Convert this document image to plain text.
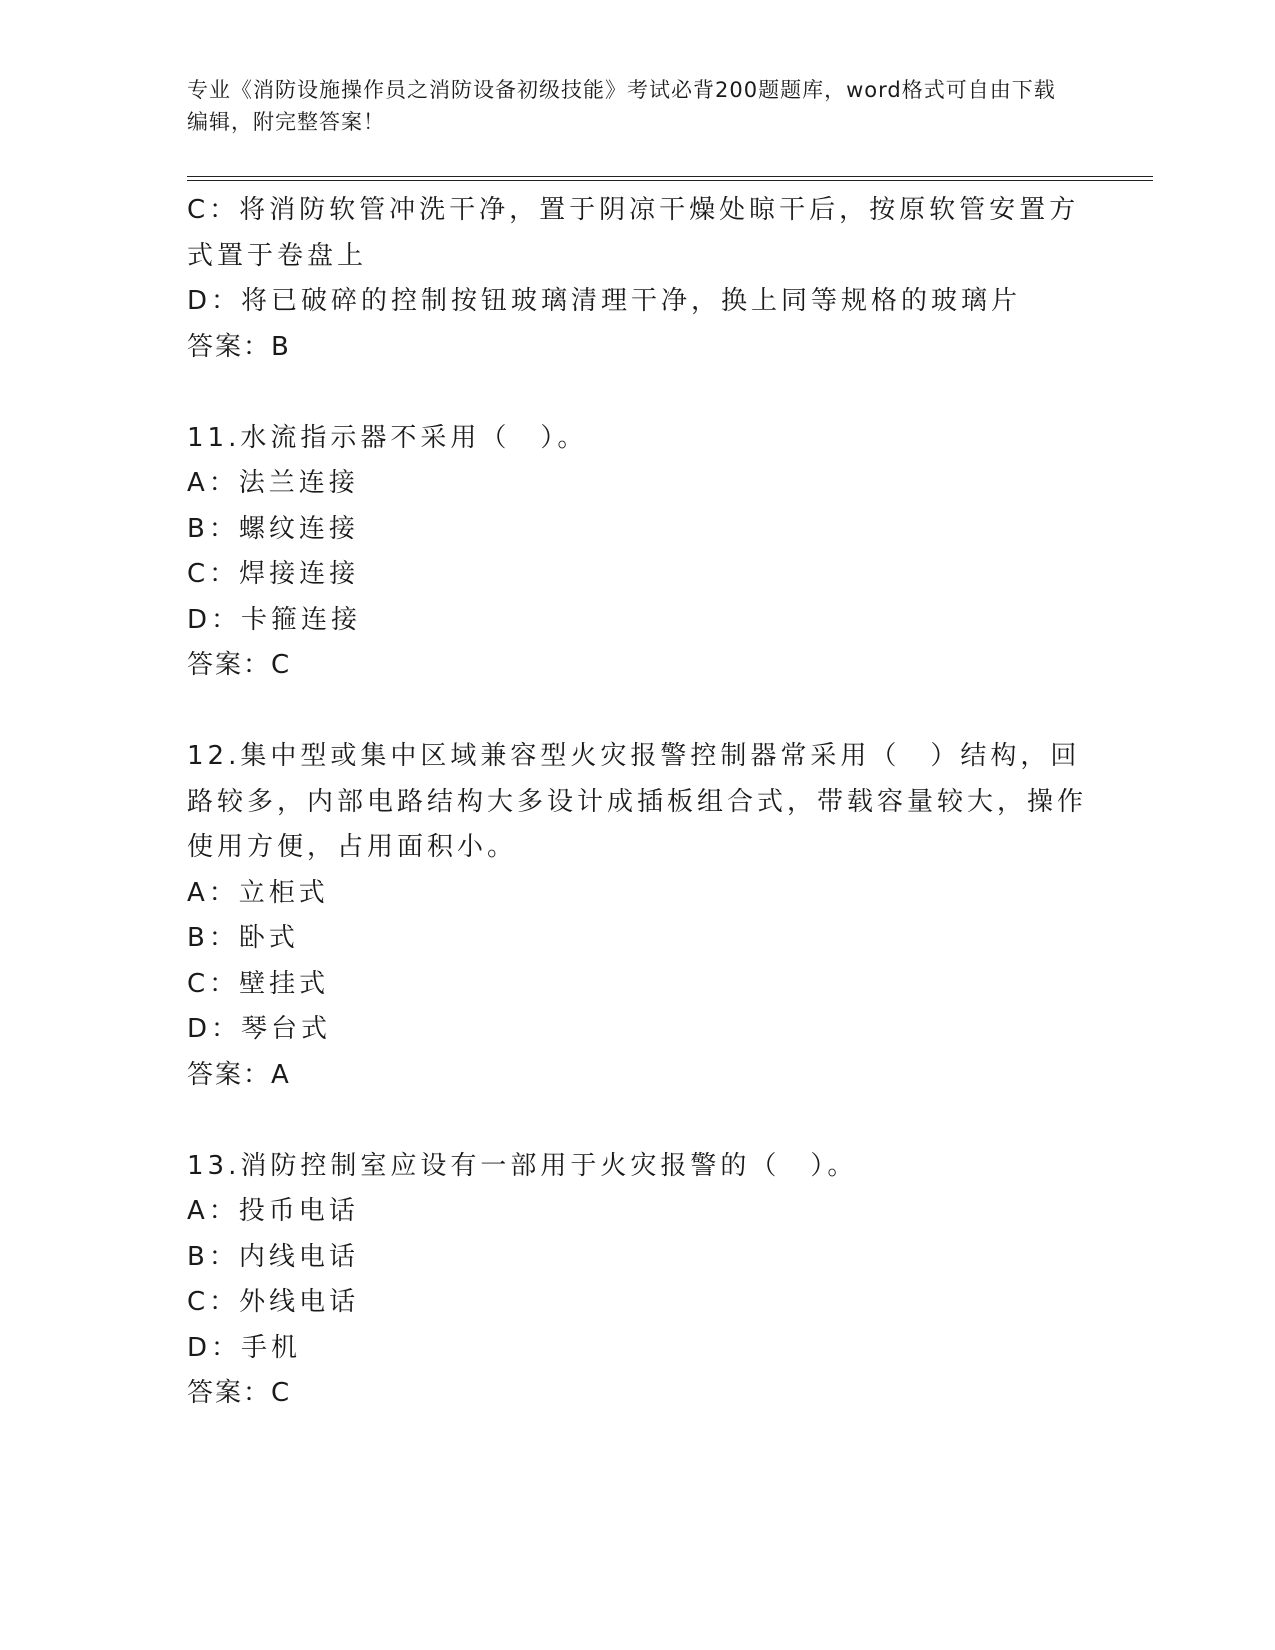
专业《消防设施操作员之消防设备初级技能》考试必背200题题库，word格式可自由下载编辑，附完整答案！
C：将消防软管冲洗干净，置于阴凉干燥处晾干后，按原软管安置方式置于卷盘上
D：将已破碎的控制按钮玻璃清理干净，换上同等规格的玻璃片
答案：B
11.水流指示器不采用（　）。
A：法兰连接
B：螺纹连接
C：焊接连接
D：卡箍连接
答案：C
12.集中型或集中区域兼容型火灾报警控制器常采用（　）结构，回路较多，内部电路结构大多设计成插板组合式，带载容量较大，操作使用方便，占用面积小。
A：立柜式
B：卧式
C：壁挂式
D：琴台式
答案：A
13.消防控制室应设有一部用于火灾报警的（　）。
A：投币电话
B：内线电话
C：外线电话
D：手机
答案：C
